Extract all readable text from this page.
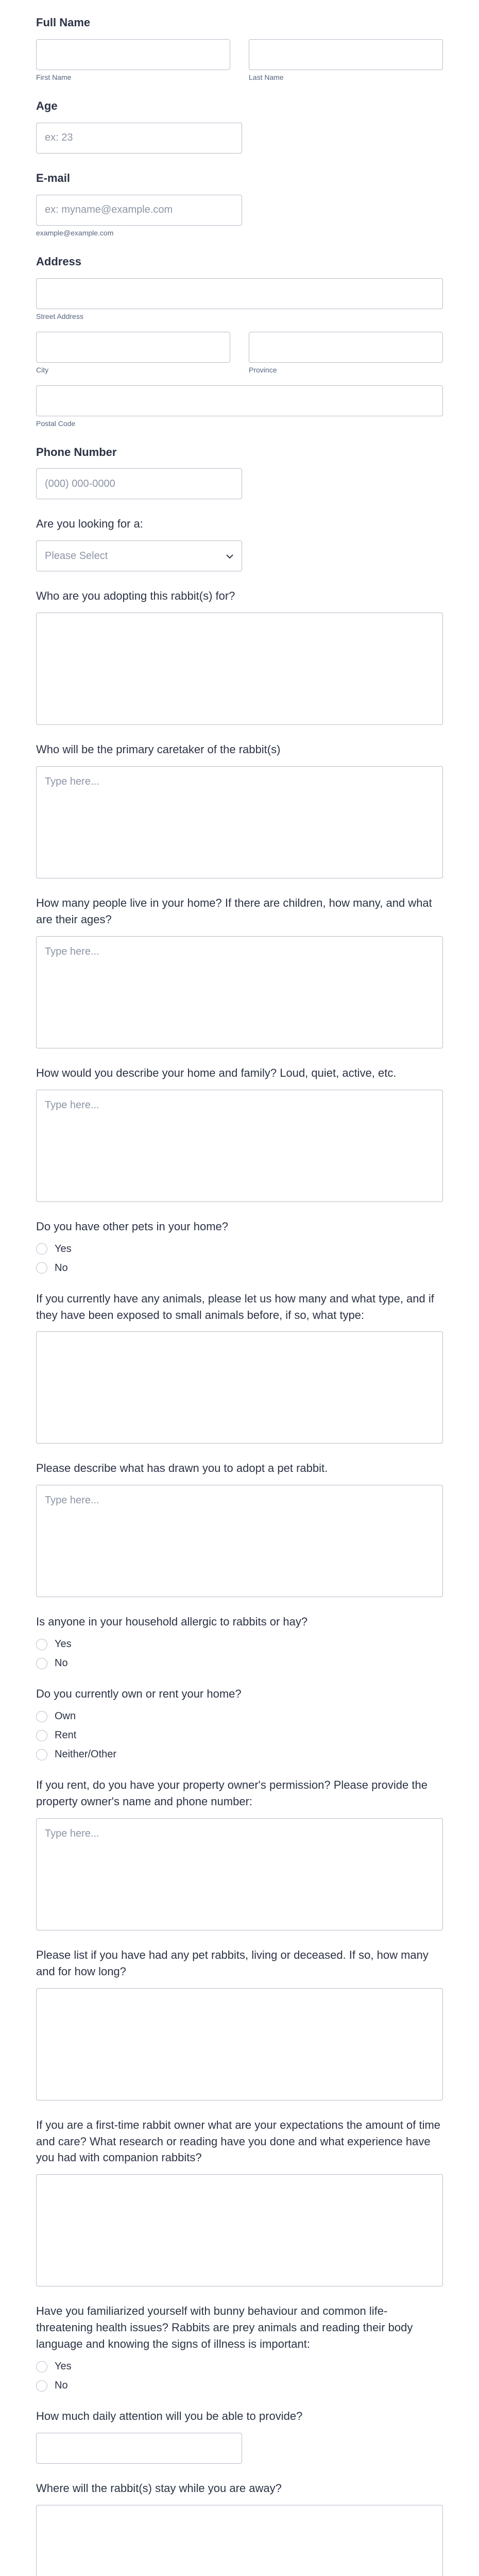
Full Name
First Name	Last Name
Age
ex: 23
E-mail
ex: myname@example.com
example@example.com
Address
Street Address
City	Province
Postal Code
Phone Number
(000) 000-0000
Are you looking for a:
Please Select
Who are you adopting this rabbit(s) for?
Who will be the primary caretaker of the rabbit(s)
Type here...
How many people live in your home? If there are children, how many, and what are their ages?
Type here...
How would you describe your home and family? Loud, quiet, active, etc.
Type here...
Do you have other pets in your home?
Yes
No
If you currently have any animals, please let us how many and what type, and if they have been exposed to small animals before, if so, what type:
Please describe what has drawn you to adopt a pet rabbit.
Type here...
Is anyone in your household allergic to rabbits or hay?
Yes
No
Do you currently own or rent your home?
Own
Rent
Neither/Other
If you rent, do you have your property owner's permission? Please provide the property owner's name and phone number:
Type here...
Please list if you have had any pet rabbits, living or deceased. If so, how many and for how long?
If you are a first-time rabbit owner what are your expectations the amount of time and care? What research or reading have you done and what experience have you had with companion rabbits?
Have you familiarized yourself with bunny behaviour and common life-threatening health issues? Rabbits are prey animals and reading their body language and knowing the signs of illness is important:
Yes
No
How much daily attention will you be able to provide?
Where will the rabbit(s) stay while you are away?
